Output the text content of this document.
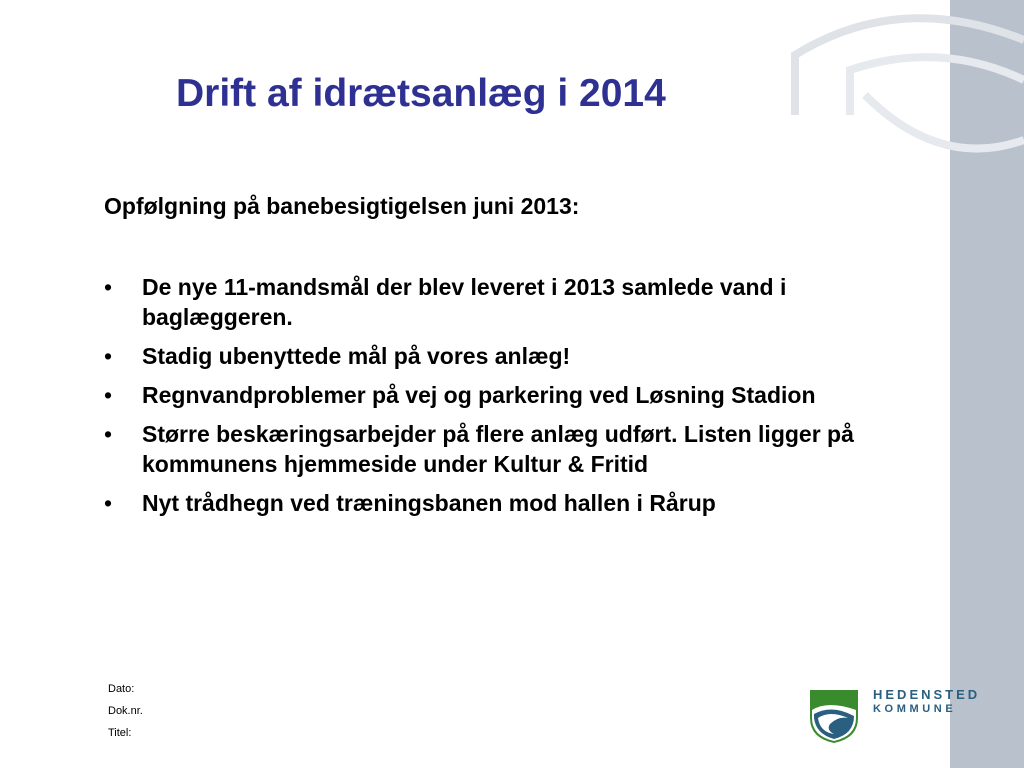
Drift af idrætsanlæg i 2014

Opfølgning på banebesigtigelsen juni 2013:

• De nye 11-mandsmål der blev leveret i 2013 samlede vand i baglæggeren.
• Stadig ubenyttede mål på vores anlæg!
• Regnvandproblemer på vej og parkering ved Løsning Stadion
• Større beskæringsarbejder på flere anlæg udført. Listen ligger på kommunens hjemmeside under Kultur & Fritid
• Nyt trådhegn ved træningsbanen mod hallen i Rårup
Dato:
Dok.nr.
Titel:
HEDENSTED
KOMMUNE
